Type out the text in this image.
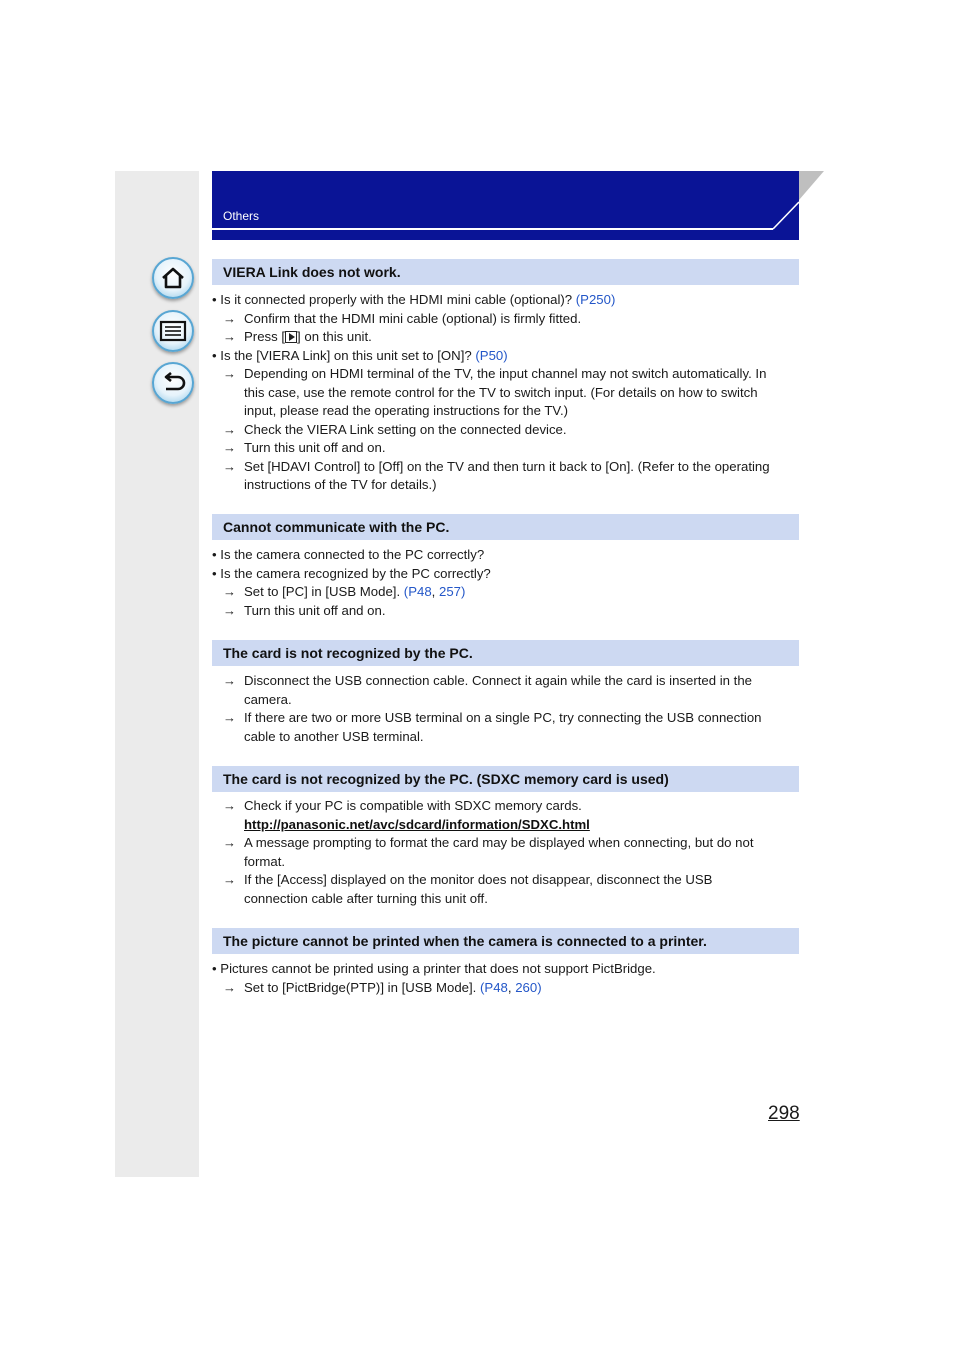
Others
VIERA Link does not work.
• Is it connected properly with the HDMI mini cable (optional)? (P250)
→ Confirm that the HDMI mini cable (optional) is firmly fitted.
→ Press [ ] on this unit.
• Is the [VIERA Link] on this unit set to [ON]? (P50)
→ Depending on HDMI terminal of the TV, the input channel may not switch automatically. In
this case, use the remote control for the TV to switch input. (For details on how to switch
input, please read the operating instructions for the TV.)
→ Check the VIERA Link setting on the connected device.
→ Turn this unit off and on.
→ Set [HDAVI Control] to [Off] on the TV and then turn it back to [On]. (Refer to the operating
instructions of the TV for details.)
Cannot communicate with the PC.
• Is the camera connected to the PC correctly?
• Is the camera recognized by the PC correctly?
→ Set to [PC] in [USB Mode]. (P48, 257)
→ Turn this unit off and on.
The card is not recognized by the PC.
→ Disconnect the USB connection cable. Connect it again while the card is inserted in the
camera.
→ If there are two or more USB terminal on a single PC, try connecting the USB connection
cable to another USB terminal.
The card is not recognized by the PC. (SDXC memory card is used)
→ Check if your PC is compatible with SDXC memory cards.
http://panasonic.net/avc/sdcard/information/SDXC.html
→ A message prompting to format the card may be displayed when connecting, but do not
format.
→ If the [Access] displayed on the monitor does not disappear, disconnect the USB
connection cable after turning this unit off.
The picture cannot be printed when the camera is connected to a printer.
• Pictures cannot be printed using a printer that does not support PictBridge.
→ Set to [PictBridge(PTP)] in [USB Mode]. (P48, 260)
298
